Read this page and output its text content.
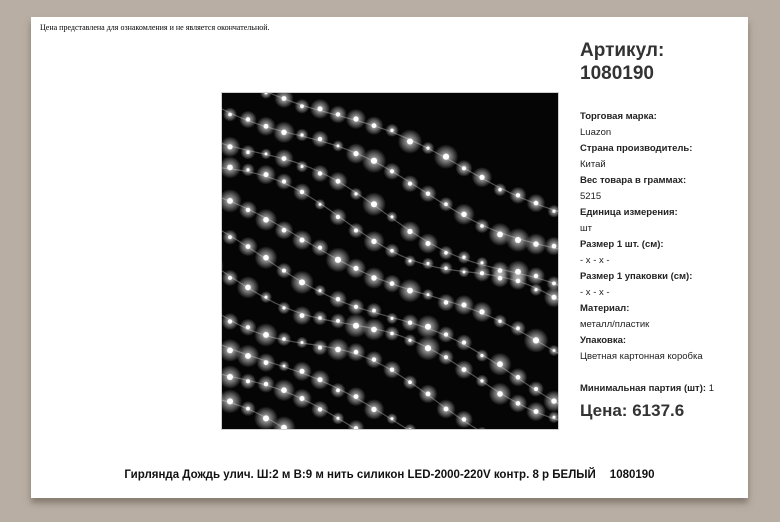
Цена представлена для ознакомления и не является окончательной.
Артикул:
1080190
Торговая марка:
Luazon
Страна производитель:
Китай
Вес товара в граммах:
5215
Единица измерения:
шт
Размер 1 шт. (см):
- x - x -
Размер 1 упаковки (см):
- x - x -
Материал:
металл/пластик
Упаковка:
Цветная картонная коробка
Минимальная партия (шт): 1
Цена: 6137.6
Гирлянда Дождь улич. Ш:2 м В:9 м нить силикон LED-2000-220V контр. 8 р БЕЛЫЙ 1080190
